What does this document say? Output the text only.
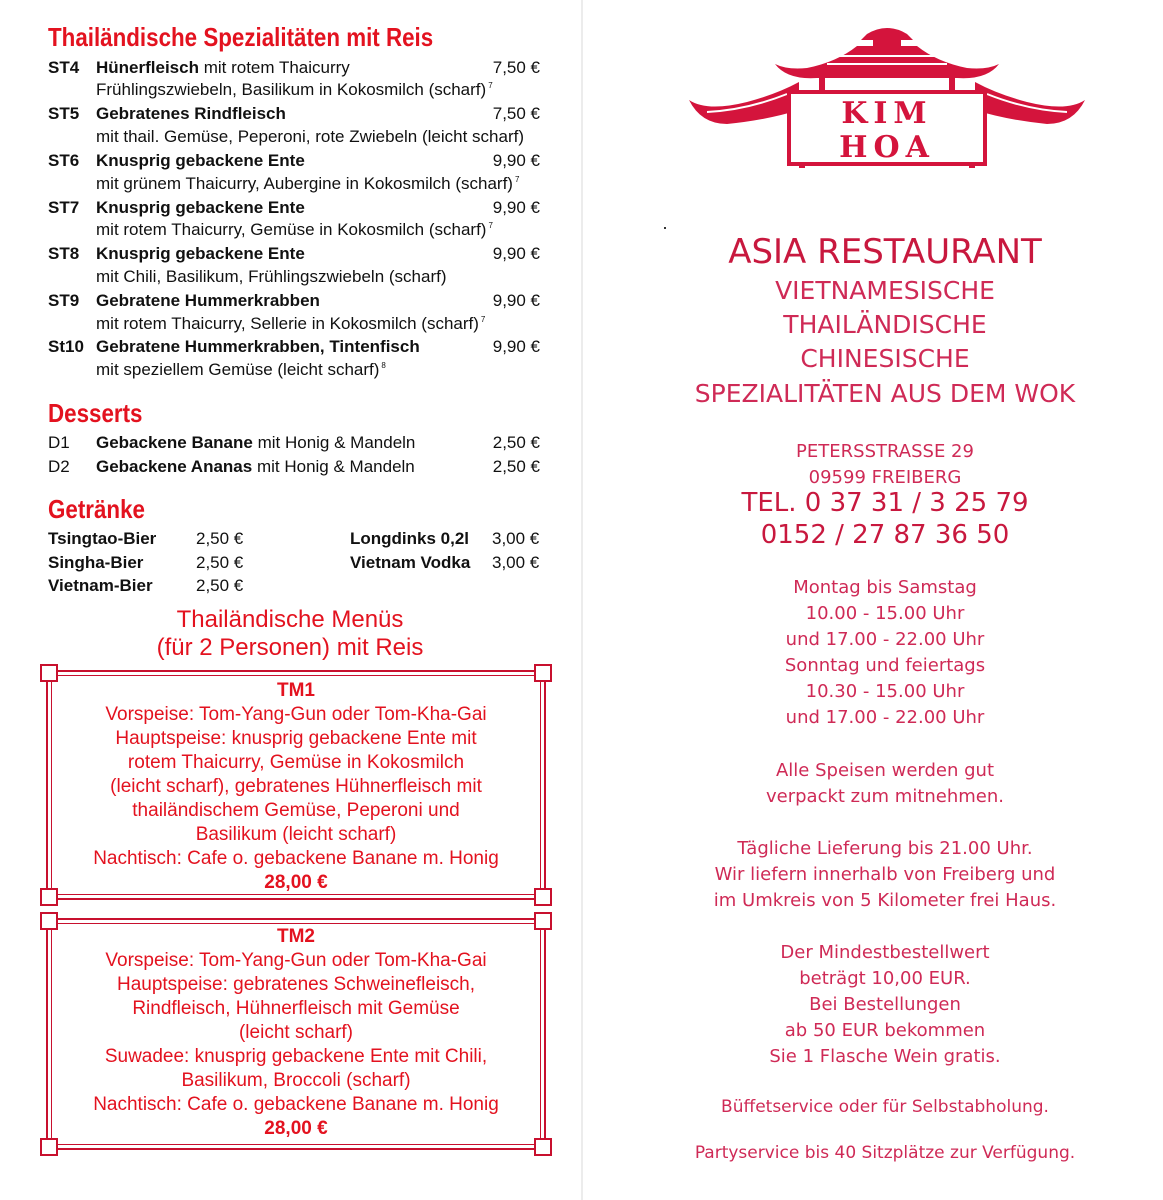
Thailändische Spezialitäten mit Reis
ST4 Hünerfleisch mit rotem Thaicurry	7,50 €
Frühlingszwiebeln, Basilikum in Kokosmilch (scharf) $^7$
ST5 Gebratenes Rindfleisch	7,50 €
mit thail. Gemüse, Peperoni, rote Zwiebeln (leicht scharf)
ST6 Knusprig gebackene Ente	9,90 €
mit grünem Thaicurry, Aubergine in Kokosmilch (scharf) $^7$
ST7 Knusprig gebackene Ente	9,90 €
mit rotem Thaicurry, Gemüse in Kokosmilch (scharf) $^7$
ST8 Knusprig gebackene Ente	9,90 €
mit Chili, Basilikum, Frühlingszwiebeln (scharf)
ST9 Gebratene Hummerkrabben	9,90 €
mit rotem Thaicurry, Sellerie in Kokosmilch (scharf) $^7$
St10 Gebratene Hummerkrabben, Tintenfisch	9,90 €
mit speziellem Gemüse (leicht scharf) $^8$
Desserts
D1 Gebackene Banane mit Honig & Mandeln	2,50 €
D2 Gebackene Ananas mit Honig & Mandeln	2,50 €
Getränke
Tsingtao-Bier 2,50 €
Singha-Bier	2,50 €
Vietnam-Bier	2,50 €
Longdinks 0,2l 3,00 €
Vietnam Vodka 3,00 €
Thailändische Menüs
(für 2 Personen) mit Reis
TM1
Vorspeise: Tom-Yang-Gun oder Tom-Kha-Gai
Hauptspeise: knusprig gebackene Ente mit
rotem Thaicurry, Gemüse in Kokosmilch
(leicht scharf), gebratenes Hühnerfleisch mit
thailändischem Gemüse, Peperoni und
Basilikum (leicht scharf)
Nachtisch: Cafe o. gebackene Banane m. Honig
28,00 €
TM2
Vorspeise: Tom-Yang-Gun oder Tom-Kha-Gai
Hauptspeise: gebratenes Schweinefleisch,
Rindfleisch, Hühnerfleisch mit Gemüse
(leicht scharf)
Suwadee: knusprig gebackene Ente mit Chili,
Basilikum, Broccoli (scharf)
Nachtisch: Cafe o. gebackene Banane m. Honig
28,00 €
KIM
HOA
ASIA RESTAURANT
VIETNAMESISCHE
THAILÄNDISCHE
CHINESISCHE
SPEZIALITÄTEN AUS DEM WOK
PETERSSTRASSE 29
09599 FREIBERG
TEL. 0 37 31 / 3 25 79
0152 / 27 87 36 50
Montag bis Samstag
10.00 - 15.00 Uhr
und 17.00 - 22.00 Uhr
Sonntag und feiertags
10.30 - 15.00 Uhr
und 17.00 - 22.00 Uhr
Alle Speisen werden gut
verpackt zum mitnehmen.
Tägliche Lieferung bis 21.00 Uhr.
Wir liefern innerhalb von Freiberg und
im Umkreis von 5 Kilometer frei Haus.
Der Mindestbestellwert
beträgt 10,00 EUR.
Bei Bestellungen
ab 50 EUR bekommen
Sie 1 Flasche Wein gratis.
Büffetservice oder für Selbstabholung.
Partyservice bis 40 Sitzplätze zur Verfügung.
